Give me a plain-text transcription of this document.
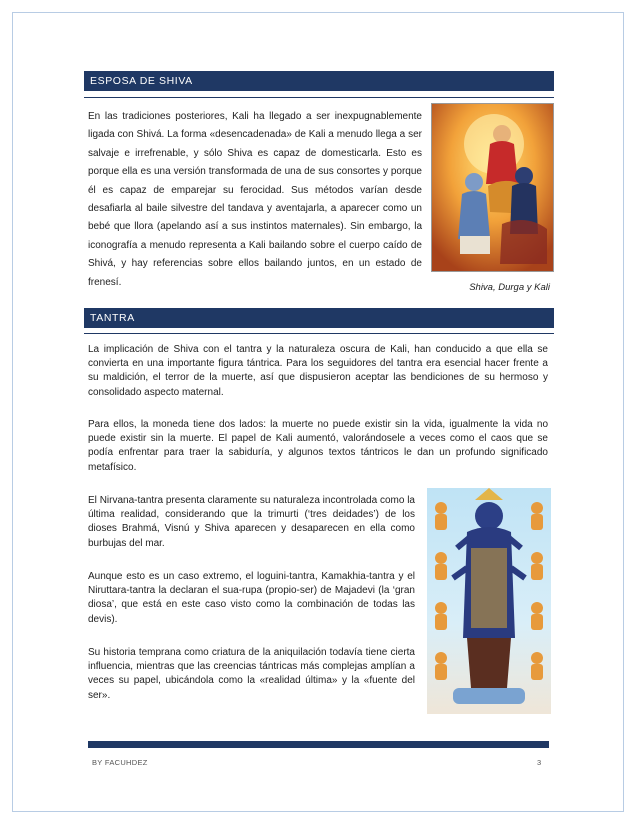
ESPOSA DE SHIVA

En las tradiciones posteriores, Kali ha llegado a ser inexpugnablemente ligada con Shivá. La forma «desencadenada» de Kali a menudo llega a ser salvaje e irrefrenable, y sólo Shiva es capaz de domesticarla. Esto es porque ella es una versión transformada de una de sus consortes y porque él es capaz de emparejar su ferocidad. Sus métodos varían desde desafiarla al baile silvestre del tandava y aventajarla, a aparecer como un bebé que llora (apelando así a sus instintos maternales). Sin embargo, la iconografía a menudo representa a Kali bailando sobre el cuerpo caído de Shivá, y hay referencias sobre ellos bailando juntos, en un estado de frenesí.	Shiva, Durga y Kali
TANTRA

La implicación de Shiva con el tantra y la naturaleza oscura de Kali, han conducido a que ella se convierta en una importante figura tántrica. Para los seguidores del tantra era esencial hacer frente a su maldición, el terror de la muerte, así que dispusieron aceptar las bendiciones de su hermoso y consolidado aspecto maternal.

Para ellos, la moneda tiene dos lados: la muerte no puede existir sin la vida, igualmente la vida no puede existir sin la muerte. El papel de Kali aumentó, valorándosele a veces como el caos que se podía enfrentar para traer la sabiduría, y algunos textos tántricos le dan un profundo significado metafísico.

El Nirvana-tantra presenta claramente su naturaleza incontrolada como la última realidad, considerando que la trimurti (‘tres deidades’) de los dioses Brahmá, Visnú y Shiva aparecen y desaparecen en ella como burbujas del mar.

Aunque esto es un caso extremo, el loguini-tantra, Kamakhia-tantra y el Niruttara-tantra la declaran el sua-rupa (propio-ser) de Majadevi (la ‘gran diosa’, que está en este caso visto como la combinación de todas las devis).

Su historia temprana como criatura de la aniquilación todavía tiene cierta influencia, mientras que las creencias tántricas más complejas amplían a veces su papel, ubicándola como la «realidad última» y la «fuente del ser».

BY FACUHDEZ	3
